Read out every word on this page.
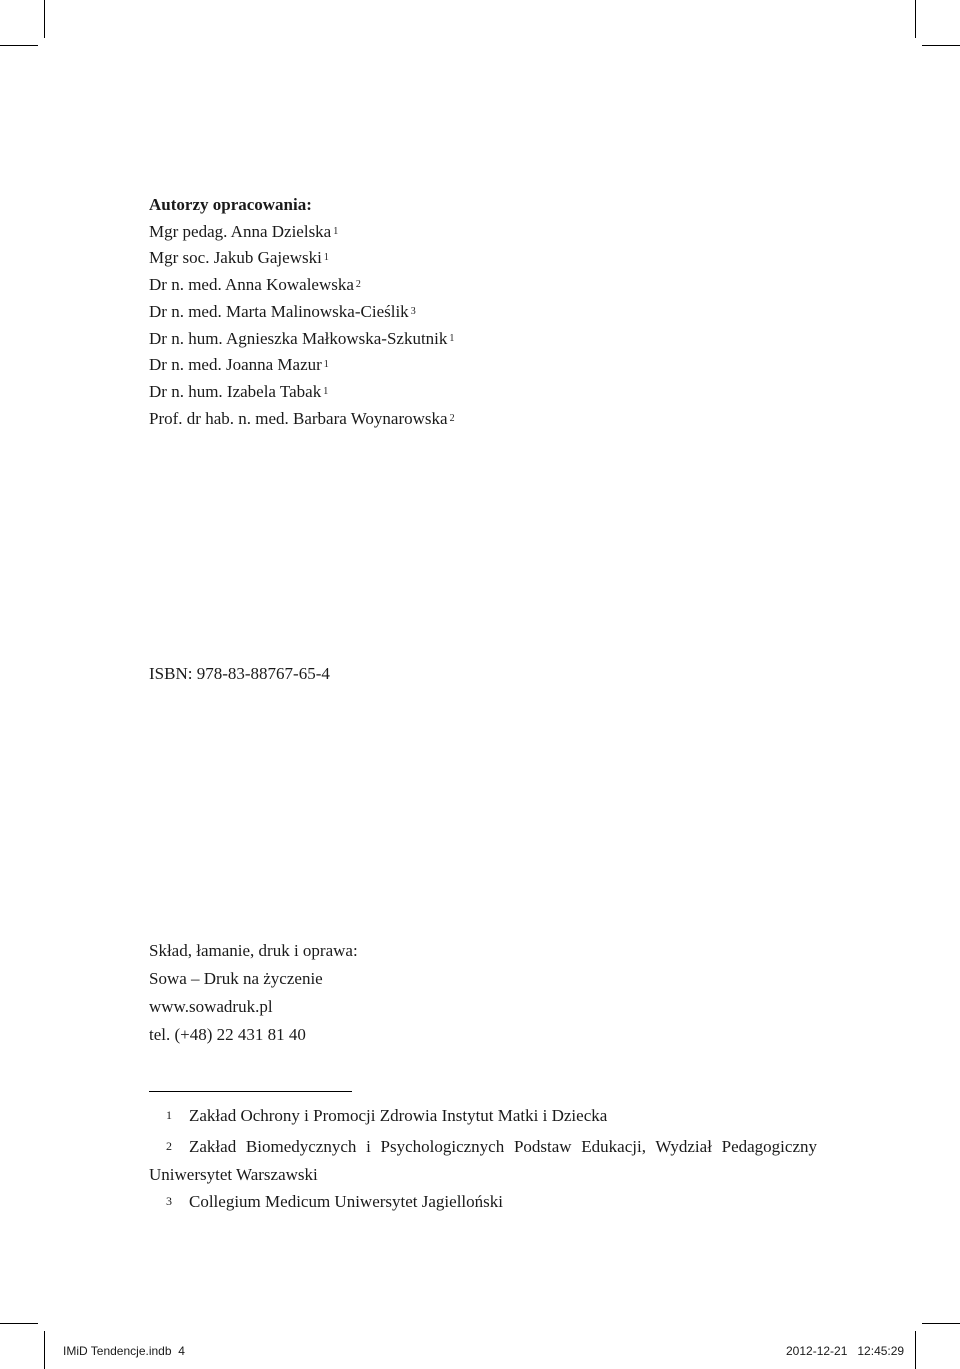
Autorzy opracowania:
Mgr pedag. Anna Dzielska $^1$
Mgr soc. Jakub Gajewski $^1$
Dr n. med. Anna Kowalewska $^2$
Dr n. med. Marta Malinowska-Cieślik $^3$
Dr n. hum. Agnieszka Małkowska-Szkutnik $^1$
Dr n. med. Joanna Mazur $^1$
Dr n. hum. Izabela Tabak $^1$
Prof. dr hab. n. med. Barbara Woynarowska $^2$
ISBN: 978-83-88767-65-4
Skład, łamanie, druk i oprawa:
Sowa – Druk na życzenie
www.sowadruk.pl
tel. (+48) 22 431 81 40
1 Zakład Ochrony i Promocji Zdrowia Instytut Matki i Dziecka
2 Zakład Biomedycznych i Psychologicznych Podstaw Edukacji, Wydział Pedagogiczny Uniwersytet Warszawski
3 Collegium Medicum Uniwersytet Jagielloński
IMiD Tendencje.indb 4	2012-12-21   12:45:29
